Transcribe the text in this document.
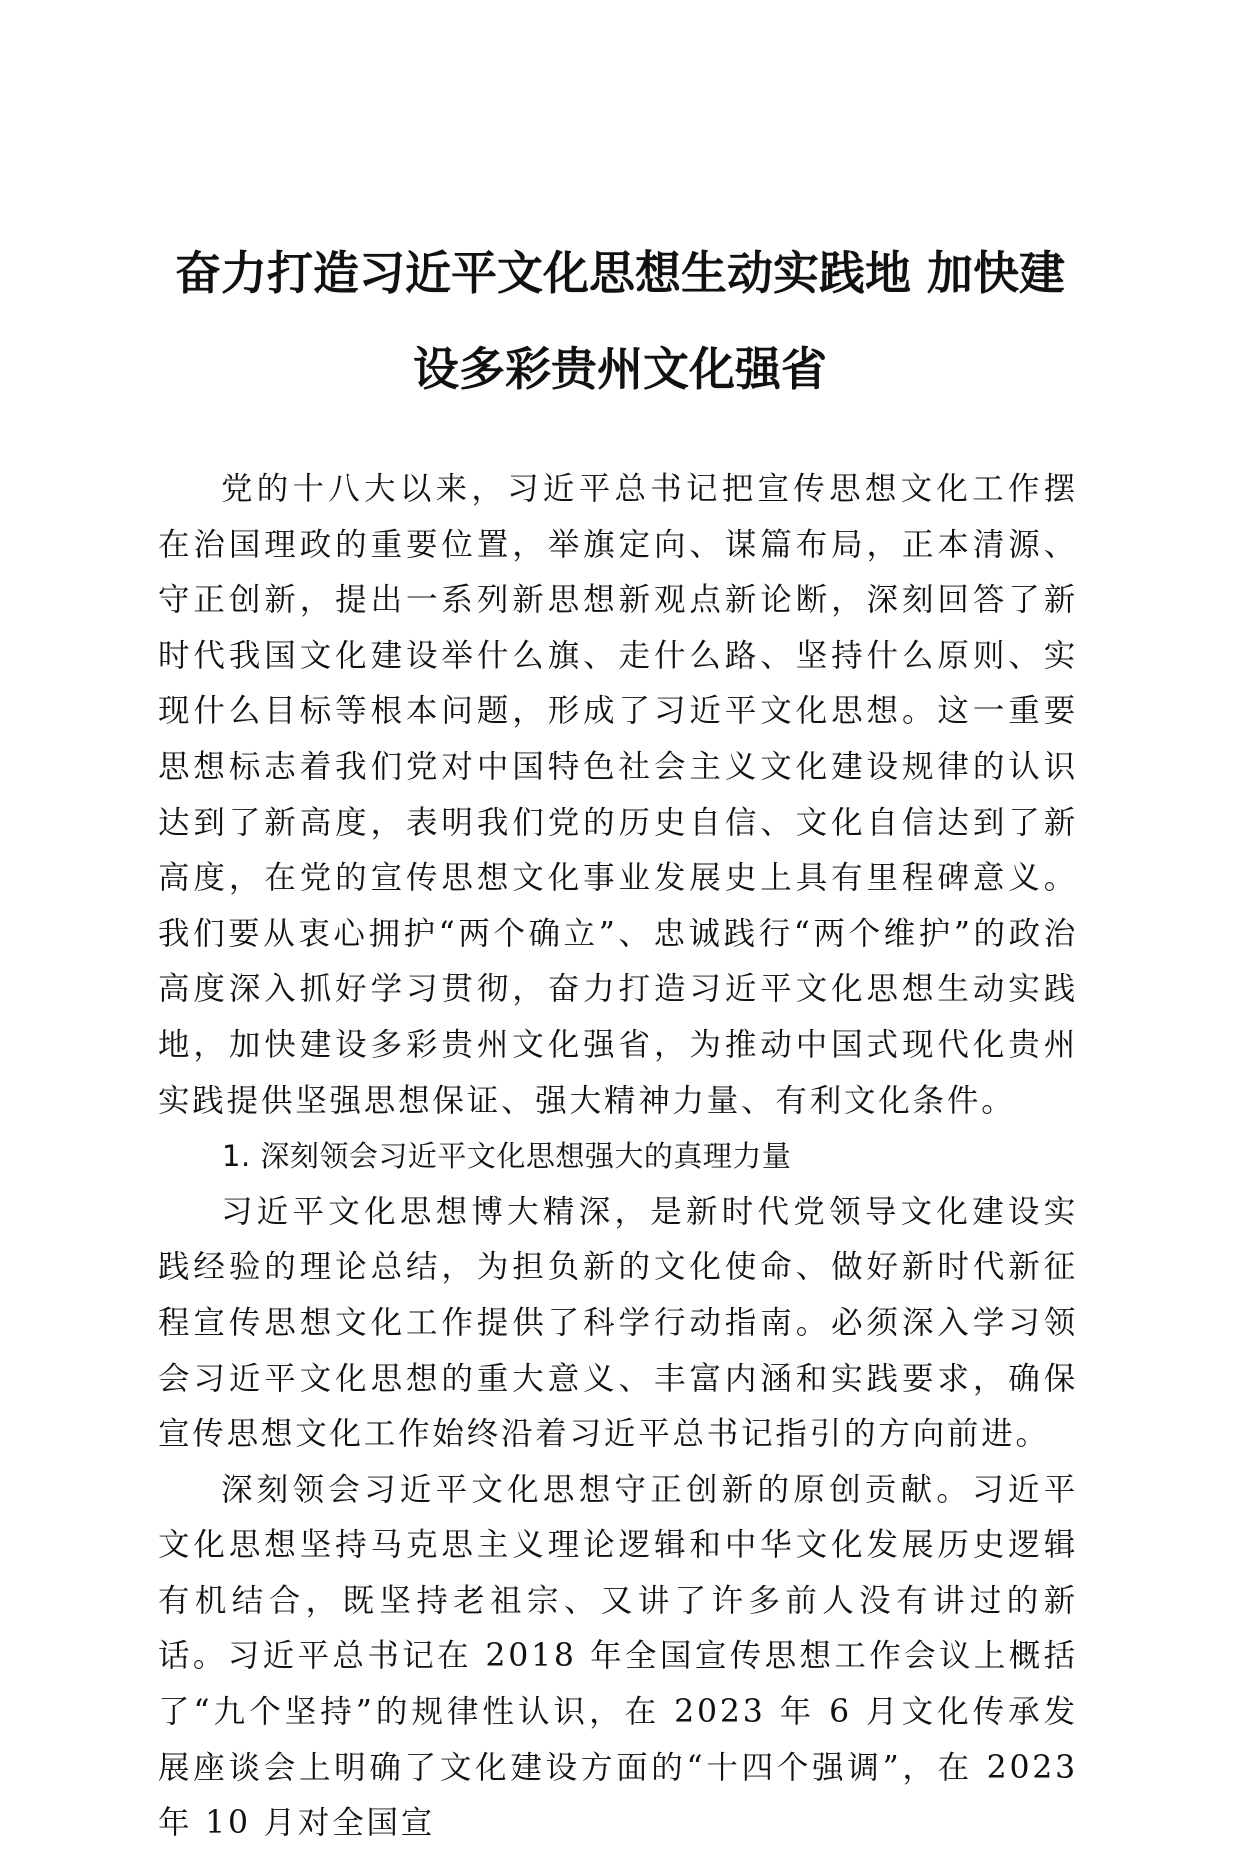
奋力打造习近平文化思想生动实践地 加快建
设多彩贵州文化强省

党的十八大以来，习近平总书记把宣传思想文化工作摆在治国理政的重要位置，举旗定向、谋篇布局，正本清源、守正创新，提出一系列新思想新观点新论断，深刻回答了新时代我国文化建设举什么旗、走什么路、坚持什么原则、实现什么目标等根本问题，形成了习近平文化思想。这一重要思想标志着我们党对中国特色社会主义文化建设规律的认识达到了新高度，表明我们党的历史自信、文化自信达到了新高度，在党的宣传思想文化事业发展史上具有里程碑意义。我们要从衷心拥护“两个确立”、忠诚践行“两个维护”的政治高度深入抓好学习贯彻，奋力打造习近平文化思想生动实践地，加快建设多彩贵州文化强省，为推动中国式现代化贵州实践提供坚强思想保证、强大精神力量、有利文化条件。

1. 深刻领会习近平文化思想强大的真理力量

习近平文化思想博大精深，是新时代党领导文化建设实践经验的理论总结，为担负新的文化使命、做好新时代新征程宣传思想文化工作提供了科学行动指南。必须深入学习领会习近平文化思想的重大意义、丰富内涵和实践要求，确保宣传思想文化工作始终沿着习近平总书记指引的方向前进。

深刻领会习近平文化思想守正创新的原创贡献。习近平文化思想坚持马克思主义理论逻辑和中华文化发展历史逻辑有机结合，既坚持老祖宗、又讲了许多前人没有讲过的新话。习近平总书记在 2018 年全国宣传思想工作会议上概括了“九个坚持”的规律性认识，在 2023 年 6 月文化传承发展座谈会上明确了文化建设方面的“十四个强调”，在 2023 年 10 月对全国宣
